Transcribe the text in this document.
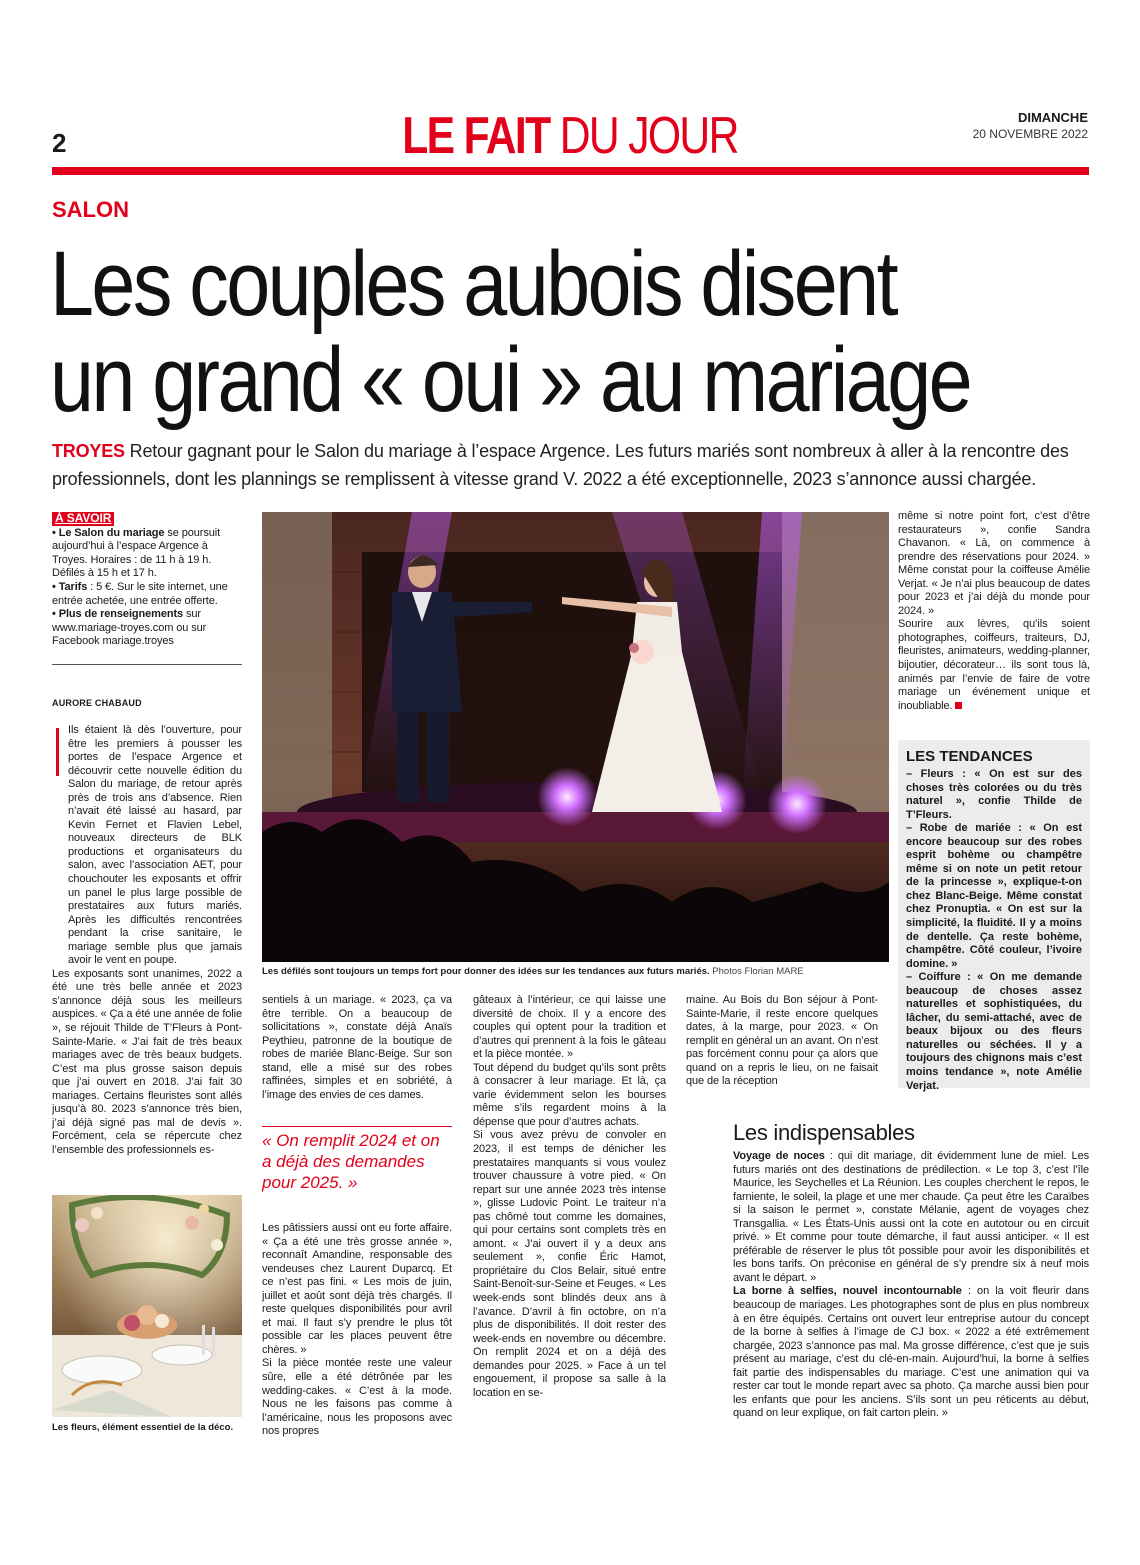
2	LE FAIT DU JOUR	DIMANCHE
20 NOVEMBRE 2022
SALON
Les couples aubois disent
un grand « oui » au mariage
TROYES Retour gagnant pour le Salon du mariage à l’espace Argence. Les futurs mariés sont nombreux à aller à la rencontre des professionnels, dont les plannings se remplissent à vitesse grand V. 2022 a été exceptionnelle, 2023 s’annonce aussi chargée.
À SAVOIR
• Le Salon du mariage se poursuit aujourd’hui à l’espace Argence à Troyes. Horaires : de 11 h à 19 h. Défilés à 15 h et 17 h.
• Tarifs : 5 €. Sur le site internet, une entrée achetée, une entrée offerte.
• Plus de renseignements sur www.mariage-troyes.com ou sur Facebook mariage.troyes
AURORE CHABAUD

Ils étaient là dès l’ouverture, pour être les premiers à pousser les portes de l’espace Argence et découvrir cette nouvelle édition du Salon du mariage, de retour après près de trois ans d’absence. Rien n’avait été laissé au hasard, par Kevin Fernet et Flavien Lebel, nouveaux directeurs de BLK productions et organisateurs du salon, avec l’association AET, pour chouchouter les exposants et offrir un panel le plus large possible de prestataires aux futurs mariés. Après les difficultés rencontrées pendant la crise sanitaire, le mariage semble plus que jamais avoir le vent en poupe.

Les exposants sont unanimes, 2022 a été une très belle année et 2023 s’annonce déjà sous les meilleurs auspices. « Ça a été une année de folie », se réjouit Thilde de T’Fleurs à Pont-Sainte-Marie. « J’ai fait de très beaux mariages avec de très beaux budgets. C’est ma plus grosse saison depuis que j’ai ouvert en 2018. J’ai fait 30 mariages. Certains fleuristes sont allés jusqu’à 80. 2023 s’annonce très bien, j’ai déjà signé pas mal de devis ». Forcément, cela se répercute chez l’ensemble des professionnels es-

Les fleurs, élément essentiel de la déco.
Les défilés sont toujours un temps fort pour donner des idées sur les tendances aux futurs mariés. Photos Florian MARE

sentiels à un mariage. « 2023, ça va être terrible. On a beaucoup de sollicitations », constate déjà Anaïs Peythieu, patronne de la boutique de robes de mariée Blanc-Beige. Sur son stand, elle a misé sur des robes raffinées, simples et en sobriété, à l’image des envies de ces dames.

« On remplit 2024 et on a déjà des demandes pour 2025. »

Les pâtissiers aussi ont eu forte affaire. « Ça a été une très grosse année », reconnaît Amandine, responsable des vendeuses chez Laurent Duparcq. Et ce n’est pas fini. « Les mois de juin, juillet et août sont déjà très chargés. Il reste quelques disponibilités pour avril et mai. Il faut s’y prendre le plus tôt possible car les places peuvent être chères. »

Si la pièce montée reste une valeur sûre, elle a été détrônée par les wedding-cakes. « C’est à la mode. Nous ne les faisons pas comme à l’américaine, nous les proposons avec nos propres

gâteaux à l’intérieur, ce qui laisse une diversité de choix. Il y a encore des couples qui optent pour la tradition et d’autres qui prennent à la fois le gâteau et la pièce montée. »

Tout dépend du budget qu’ils sont prêts à consacrer à leur mariage. Et là, ça varie évidemment selon les bourses même s’ils regardent moins à la dépense que pour d’autres achats.

Si vous avez prévu de convoler en 2023, il est temps de dénicher les prestataires manquants si vous voulez trouver chaussure à votre pied. « On repart sur une année 2023 très intense », glisse Ludovic Point. Le traiteur n’a pas chômé tout comme les domaines, qui pour certains sont complets très en amont. « J’ai ouvert il y a deux ans seulement », confie Éric Hamot, propriétaire du Clos Belair, situé entre Saint-Benoît-sur-Seine et Feuges. « Les week-ends sont blindés deux ans à l’avance. D’avril à fin octobre, on n’a plus de disponibilités. Il doit rester des week-ends en novembre ou décembre. On remplit 2024 et on a déjà des demandes pour 2025. » Face à un tel engouement, il propose sa salle à la location en se-

maine. Au Bois du Bon séjour à Pont-Sainte-Marie, il reste encore quelques dates, à la marge, pour 2023. « On remplit en général un an avant. On n’est pas forcément connu pour ça alors que quand on a repris le lieu, on ne faisait que de la réception

même si notre point fort, c’est d’être restaurateurs », confie Sandra Chavanon. « Là, on commence à prendre des réservations pour 2024. » Même constat pour la coiffeuse Amélie Verjat. « Je n’ai plus beaucoup de dates pour 2023 et j’ai déjà du monde pour 2024. »

Sourire aux lèvres, qu’ils soient photographes, coiffeurs, traiteurs, DJ, fleuristes, animateurs, wedding-planner, bijoutier, décorateur… ils sont tous là, animés par l’envie de faire de votre mariage un événement unique et inoubliable.

LES TENDANCES
– Fleurs : « On est sur des choses très colorées ou du très naturel », confie Thilde de T’Fleurs.
– Robe de mariée : « On est encore beaucoup sur des robes esprit bohème ou champêtre même si on note un petit retour de la princesse », explique-t-on chez Blanc-Beige. Même constat chez Pronuptia. « On est sur la simplicité, la fluidité. Il y a moins de dentelle. Ça reste bohème, champêtre. Côté couleur, l’ivoire domine. »
– Coiffure : « On me demande beaucoup de choses assez naturelles et sophistiquées, du lâcher, du semi-attaché, avec de beaux bijoux ou des fleurs naturelles ou séchées. Il y a toujours des chignons mais c’est moins tendance », note Amélie Verjat.
Les indispensables

Voyage de noces : qui dit mariage, dit évidemment lune de miel. Les futurs mariés ont des destinations de prédilection. « Le top 3, c’est l’île Maurice, les Seychelles et La Réunion. Les couples cherchent le repos, le farniente, le soleil, la plage et une mer chaude. Ça peut être les Caraïbes si la saison le permet », constate Mélanie, agent de voyages chez Transgallia. « Les États-Unis aussi ont la cote en autotour ou en circuit privé. » Et comme pour toute démarche, il faut aussi anticiper. « Il est préférable de réserver le plus tôt possible pour avoir les disponibilités et les bons tarifs. On préconise en général de s’y prendre six à neuf mois avant le départ. »

La borne à selfies, nouvel incontournable : on la voit fleurir dans beaucoup de mariages. Les photographes sont de plus en plus nombreux à en être équipés. Certains ont ouvert leur entreprise autour du concept de la borne à selfies à l’image de CJ box. « 2022 a été extrêmement chargée, 2023 s’annonce pas mal. Ma grosse différence, c’est que je suis présent au mariage, c’est du clé-en-main. Aujourd’hui, la borne à selfies fait partie des indispensables du mariage. C’est une animation qui va rester car tout le monde repart avec sa photo. Ça marche aussi bien pour les enfants que pour les anciens. S’ils sont un peu réticents au début, quand on leur explique, on fait carton plein. »
